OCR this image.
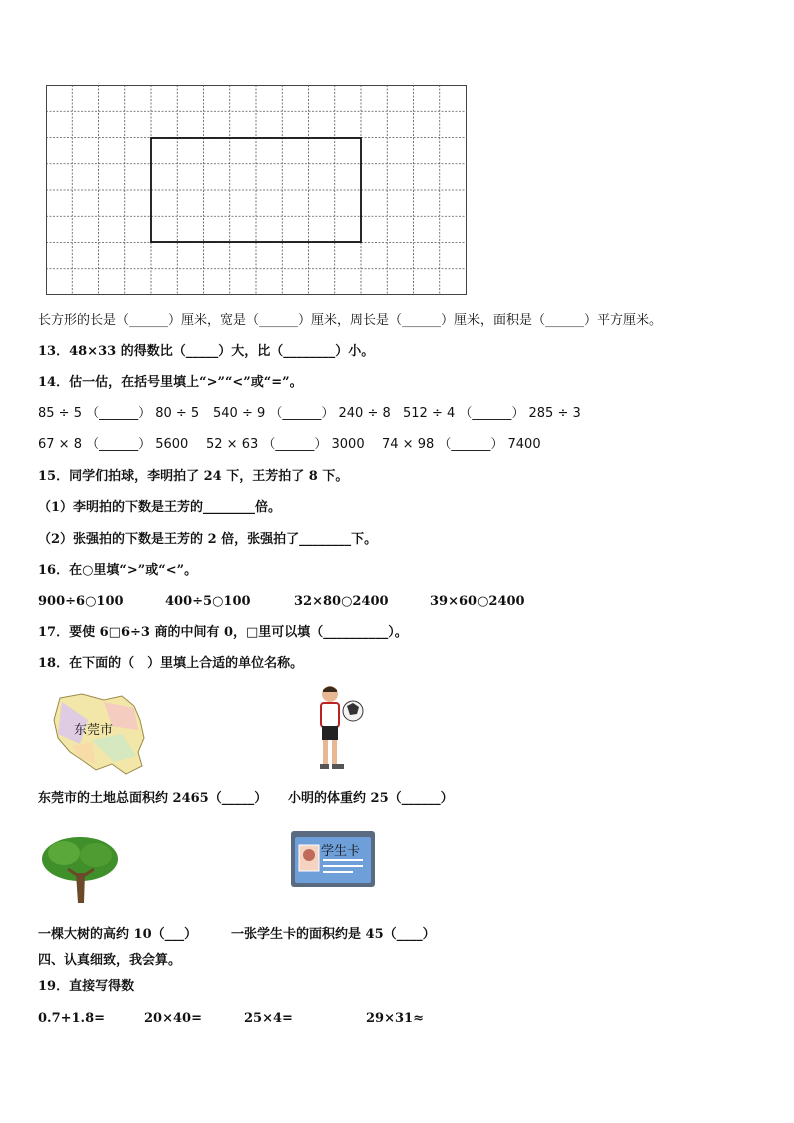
长方形的长是（______）厘米，宽是（______）厘米，周长是（______）厘米，面积是（______）平方厘米。
13．48×33 的得数比（_____）大，比（________）小。
14．估一估，在括号里填上“>”“<”或“=”。
85 ÷ 5 （______） 80 ÷ 5 540 ÷ 9 （______） 240 ÷ 8 512 ÷ 4 （______） 285 ÷ 3
67 × 8 （______） 5600 52 × 63 （______） 3000 74 × 98 （______） 7400
15．同学们拍球，李明拍了 24 下，王芳拍了 8 下。
（1）李明拍的下数是王芳的________倍。
（2）张强拍的下数是王芳的 2 倍，张强拍了________下。
16．在○里填“>”或“<”。
900÷6○100	400÷5○100	32×80○2400	39×60○2400
17．要使 6□6÷3 商的中间有 0，□里可以填（__________）。
18．在下面的（　）里填上合适的单位名称。
东莞市
东莞市的土地总面积约 2465（_____） 小明的体重约 25（______）
学生卡
一棵大树的高约 10（___）	一张学生卡的面积约是 45（____）
四、认真细致，我会算。
19．直接写得数
0.7+1.8=	20×40=	25×4=	29×31≈
